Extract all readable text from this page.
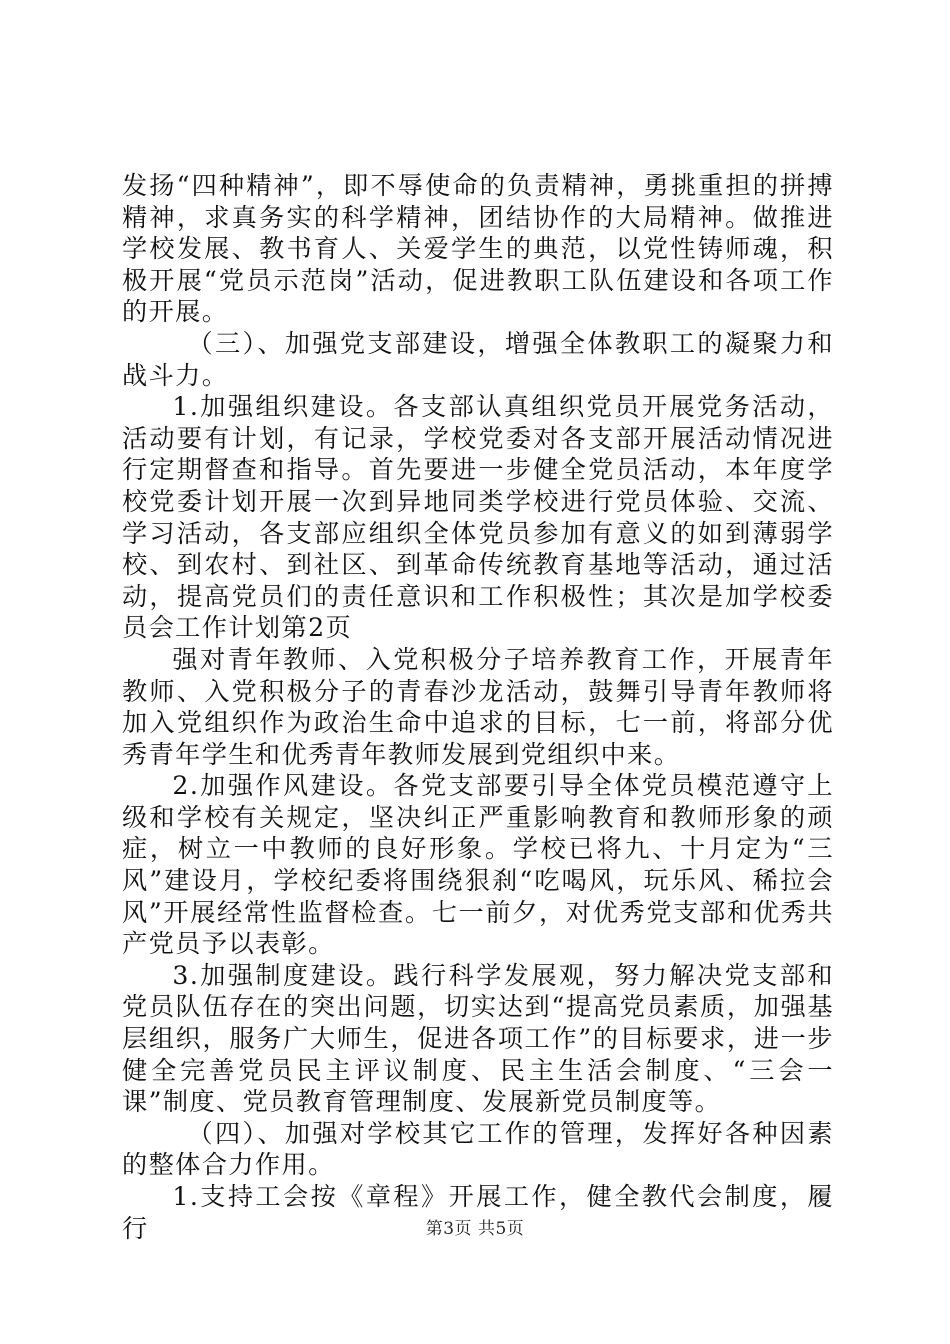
发扬“四种精神”，即不辱使命的负责精神，勇挑重担的拼搏精神，求真务实的科学精神，团结协作的大局精神。做推进学校发展、教书育人、关爱学生的典范，以党性铸师魂，积极开展“党员示范岗”活动，促进教职工队伍建设和各项工作的开展。

（三）、加强党支部建设，增强全体教职工的凝聚力和战斗力。

1.加强组织建设。各支部认真组织党员开展党务活动，活动要有计划，有记录，学校党委对各支部开展活动情况进行定期督查和指导。首先要进一步健全党员活动，本年度学校党委计划开展一次到异地同类学校进行党员体验、交流、学习活动，各支部应组织全体党员参加有意义的如到薄弱学校、到农村、到社区、到革命传统教育基地等活动，通过活动，提高党员们的责任意识和工作积极性；其次是加学校委员会工作计划第2页

强对青年教师、入党积极分子培养教育工作，开展青年教师、入党积极分子的青春沙龙活动，鼓舞引导青年教师将加入党组织作为政治生命中追求的目标，七一前，将部分优秀青年学生和优秀青年教师发展到党组织中来。

2.加强作风建设。各党支部要引导全体党员模范遵守上级和学校有关规定，坚决纠正严重影响教育和教师形象的顽症，树立一中教师的良好形象。学校已将九、十月定为“三风”建设月，学校纪委将围绕狠刹“吃喝风，玩乐风、稀拉会风”开展经常性监督检查。七一前夕，对优秀党支部和优秀共产党员予以表彰。

3.加强制度建设。践行科学发展观，努力解决党支部和党员队伍存在的突出问题，切实达到“提高党员素质，加强基层组织，服务广大师生，促进各项工作”的目标要求，进一步健全完善党员民主评议制度、民主生活会制度、“三会一课”制度、党员教育管理制度、发展新党员制度等。

（四）、加强对学校其它工作的管理，发挥好各种因素的整体合力作用。

1.支持工会按《章程》开展工作，健全教代会制度，履行	第3页 共5页
